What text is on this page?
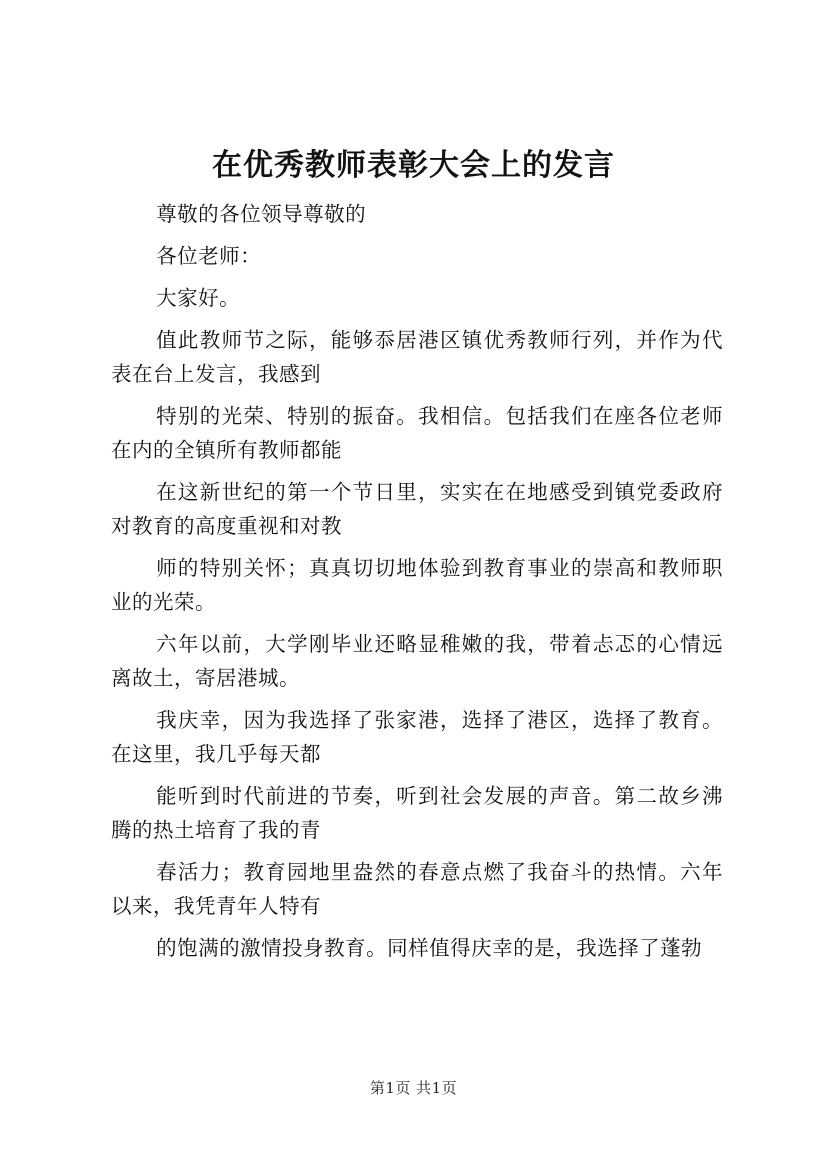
在优秀教师表彰大会上的发言

尊敬的各位领导尊敬的

各位老师：

大家好。

值此教师节之际，能够忝居港区镇优秀教师行列，并作为代表在台上发言，我感到

特别的光荣、特别的振奋。我相信。包括我们在座各位老师在内的全镇所有教师都能

在这新世纪的第一个节日里，实实在在地感受到镇党委政府对教育的高度重视和对教

师的特别关怀；真真切切地体验到教育事业的崇高和教师职业的光荣。

六年以前，大学刚毕业还略显稚嫩的我，带着忐忑的心情远离故土，寄居港城。

我庆幸，因为我选择了张家港，选择了港区，选择了教育。在这里，我几乎每天都

能听到时代前进的节奏，听到社会发展的声音。第二故乡沸腾的热土培育了我的青

春活力；教育园地里盎然的春意点燃了我奋斗的热情。六年以来，我凭青年人特有

的饱满的激情投身教育。同样值得庆幸的是，我选择了蓬勃

第1页 共1页
